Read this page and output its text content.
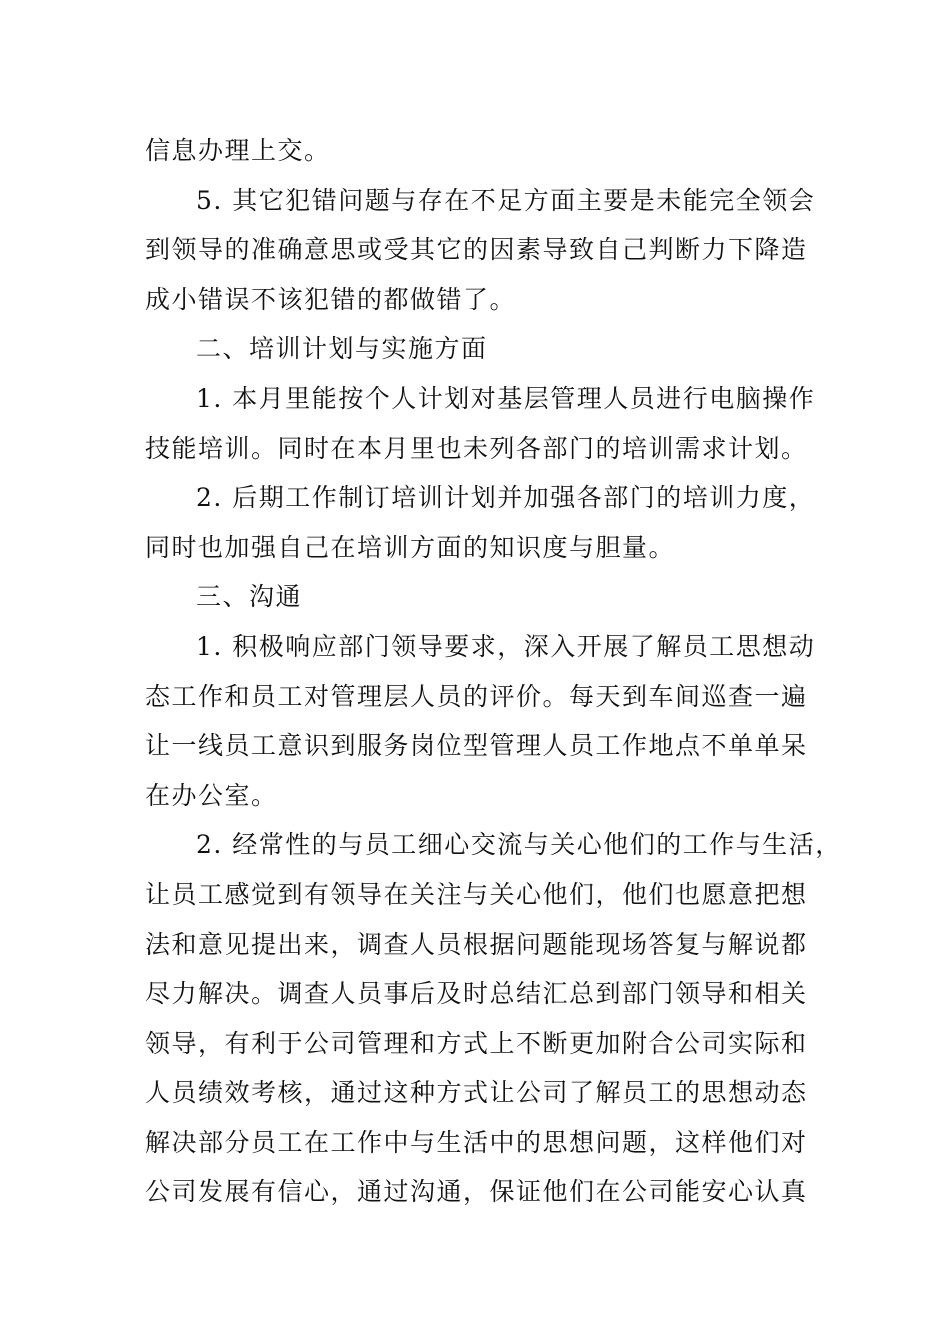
信息办理上交。
5. 其它犯错问题与存在不足方面主要是未能完全领会
到领导的准确意思或受其它的因素导致自己判断力下降造
成小错误不该犯错的都做错了。
二、培训计划与实施方面
1. 本月里能按个人计划对基层管理人员进行电脑操作
技能培训。同时在本月里也未列各部门的培训需求计划。
2. 后期工作制订培训计划并加强各部门的培训力度，
同时也加强自己在培训方面的知识度与胆量。
三、沟通
1. 积极响应部门领导要求，深入开展了解员工思想动
态工作和员工对管理层人员的评价。每天到车间巡查一遍
让一线员工意识到服务岗位型管理人员工作地点不单单呆
在办公室。
2. 经常性的与员工细心交流与关心他们的工作与生活，
让员工感觉到有领导在关注与关心他们，他们也愿意把想
法和意见提出来，调查人员根据问题能现场答复与解说都
尽力解决。调查人员事后及时总结汇总到部门领导和相关
领导，有利于公司管理和方式上不断更加附合公司实际和
人员绩效考核，通过这种方式让公司了解员工的思想动态
解决部分员工在工作中与生活中的思想问题，这样他们对
公司发展有信心，通过沟通，保证他们在公司能安心认真
